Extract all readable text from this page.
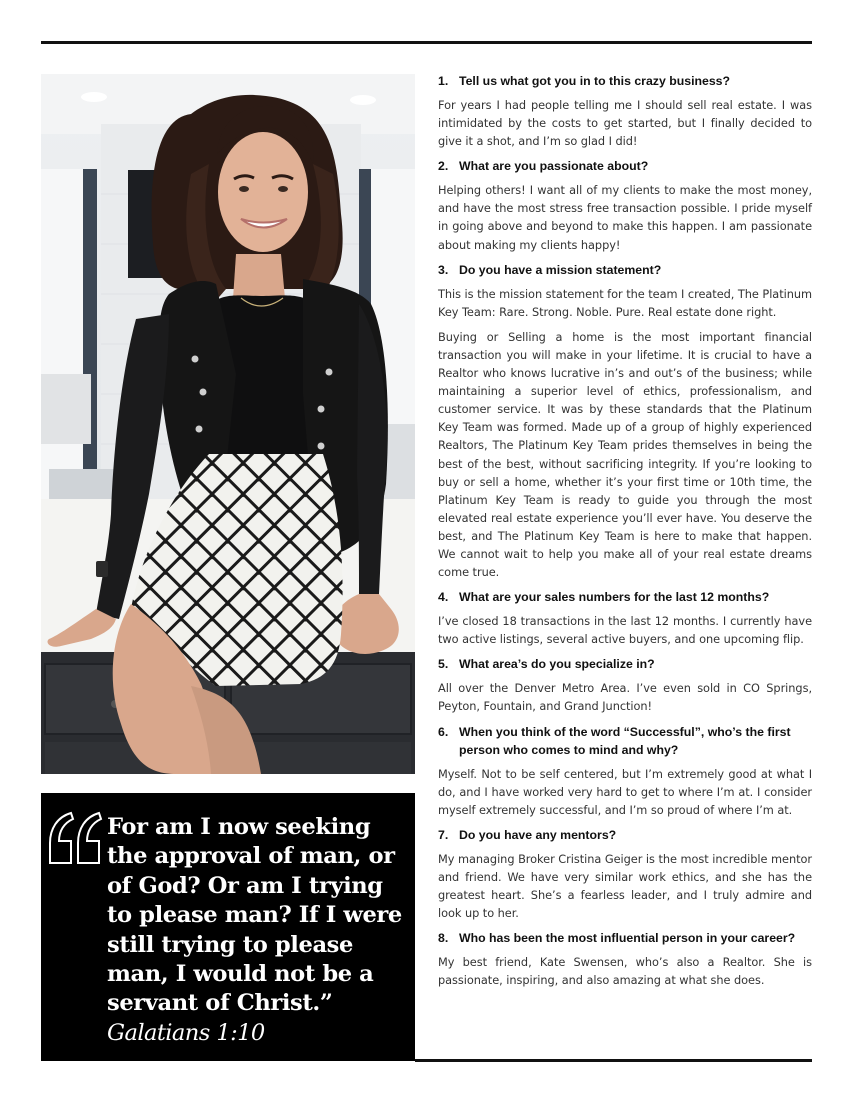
For am I now seeking the approval of man, or of God? Or am I trying to please man? If I were still trying to please man, I would not be a servant of Christ.” Galatians 1:10

1. Tell us what got you in to this crazy business?

For years I had people telling me I should sell real estate. I was intimidated by the costs to get started, but I finally decided to give it a shot, and I’m so glad I did!

2. What are you passionate about?

Helping others! I want all of my clients to make the most money, and have the most stress free transaction possible. I pride myself in going above and beyond to make this happen. I am passionate about making my clients happy!

3. Do you have a mission statement?

This is the mission statement for the team I created, The Platinum Key Team: Rare. Strong. Noble. Pure. Real estate done right.

Buying or Selling a home is the most important financial transaction you will make in your lifetime. It is crucial to have a Realtor who knows lucrative in’s and out’s of the business; while maintaining a superior level of ethics, professionalism, and customer service. It was by these standards that the Platinum Key Team was formed. Made up of a group of highly experienced Realtors, The Platinum Key Team prides themselves in being the best of the best, without sacrificing integrity. If you’re looking to buy or sell a home, whether it’s your first time or 10th time, the Platinum Key Team is ready to guide you through the most elevated real estate experience you’ll ever have. You deserve the best, and The Platinum Key Team is here to make that happen. We cannot wait to help you make all of your real estate dreams come true.

4. What are your sales numbers for the last 12 months?

I’ve closed 18 transactions in the last 12 months. I currently have two active listings, several active buyers, and one upcoming flip.

5. What area’s do you specialize in?

All over the Denver Metro Area. I’ve even sold in CO Springs, Peyton, Fountain, and Grand Junction!

6. When you think of the word “Successful”, who’s the first person who comes to mind and why?

Myself. Not to be self centered, but I’m extremely good at what I do, and I have worked very hard to get to where I’m at. I consider myself extremely successful, and I’m so proud of where I’m at.

7. Do you have any mentors?

My managing Broker Cristina Geiger is the most incredible mentor and friend. We have very similar work ethics, and she has the greatest heart. She’s a fearless leader, and I truly admire and look up to her.

8. Who has been the most influential person in your career?

My best friend, Kate Swensen, who’s also a Realtor. She is passionate, inspiring, and also amazing at what she does.
